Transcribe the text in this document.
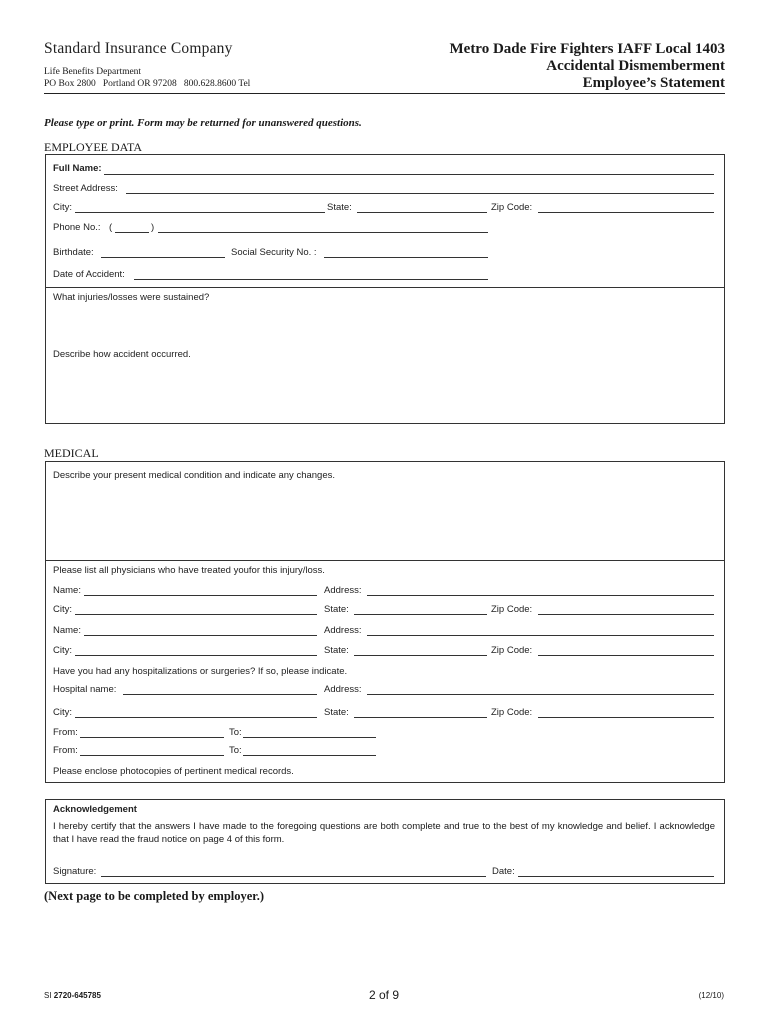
Standard Insurance Company
Life Benefits Department
PO Box 2800   Portland OR 97208   800.628.8600 Tel
Metro Dade Fire Fighters IAFF Local 1403
Accidental Dismemberment
Employee’s Statement
Please type or print. Form may be returned for unanswered questions.
EMPLOYEE DATA
Full Name:
Street Address:
City:	State:	Zip Code:
Phone No.: (	)
Birthdate:	Social Security No. :
Date of Accident:
What injuries/losses were sustained?
Describe how accident occurred.
MEDICAL
Describe your present medical condition and indicate any changes.
Please list all physicians who have treated youfor this injury/loss.
Name:	Address:
City:	State:	Zip Code:
Name:	Address:
City:	State:	Zip Code:
Have you had any hospitalizations or surgeries? If so, please indicate.
Hospital name:	Address:
City:	State:	Zip Code:
From:	To:
From:	To:
Please enclose photocopies of pertinent medical records.
Acknowledgement
I hereby certify that the answers I have made to the foregoing questions are both complete and true to the best of my knowledge and belief. I acknowledge that I have read the fraud notice on page 4 of this form.
Signature:	Date:
(Next page to be completed by employer.)
SI 2720-645785	2 of 9	(12/10)
